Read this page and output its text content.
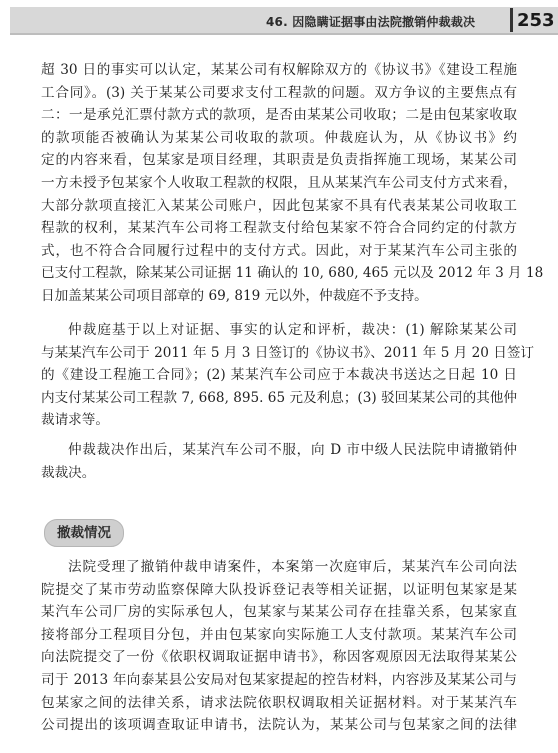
46. 因隐瞒证据事由法院撤销仲裁裁决 253
超 30 日的事实可以认定，某某公司有权解除双方的《协议书》《建设工程施
工合同》。(3) 关于某某公司要求支付工程款的问题。双方争议的主要焦点有
二：一是承兑汇票付款方式的款项，是否由某某公司收取；二是由包某家收取
的款项能否被确认为某某公司收取的款项。仲裁庭认为，从《协议书》约
定的内容来看，包某家是项目经理，其职责是负责指挥施工现场，某某公司
一方未授予包某家个人收取工程款的权限，且从某某汽车公司支付方式来看，
大部分款项直接汇入某某公司账户，因此包某家不具有代表某某公司收取工
程款的权利，某某汽车公司将工程款支付给包某家不符合合同约定的付款方
式，也不符合合同履行过程中的支付方式。因此，对于某某汽车公司主张的
已支付工程款，除某某公司证据 11 确认的 10, 680, 465 元以及 2012 年 3 月 18
日加盖某某公司项目部章的 69, 819 元以外，仲裁庭不予支持。
仲裁庭基于以上对证据、事实的认定和评析，裁决：(1) 解除某某公司
与某某汽车公司于 2011 年 5 月 3 日签订的《协议书》、2011 年 5 月 20 日签订
的《建设工程施工合同》；(2) 某某汽车公司应于本裁决书送达之日起 10 日
内支付某某公司工程款 7, 668, 895. 65 元及利息；(3) 驳回某某公司的其他仲
裁请求等。
仲裁裁决作出后，某某汽车公司不服，向 D 市中级人民法院申请撤销仲
裁裁决。
撤裁情况
法院受理了撤销仲裁申请案件，本案第一次庭审后，某某汽车公司向法
院提交了某市劳动监察保障大队投诉登记表等相关证据，以证明包某家是某
某汽车公司厂房的实际承包人，包某家与某某公司存在挂靠关系，包某家直
接将部分工程项目分包，并由包某家向实际施工人支付款项。某某汽车公司
向法院提交了一份《依职权调取证据申请书》，称因客观原因无法取得某某公
司于 2013 年向泰某县公安局对包某家提起的控告材料，内容涉及某某公司与
包某家之间的法律关系，请求法院依职权调取相关证据材料。对于某某汽车
公司提出的该项调查取证申请书，法院认为，某某公司与包某家之间的法律
